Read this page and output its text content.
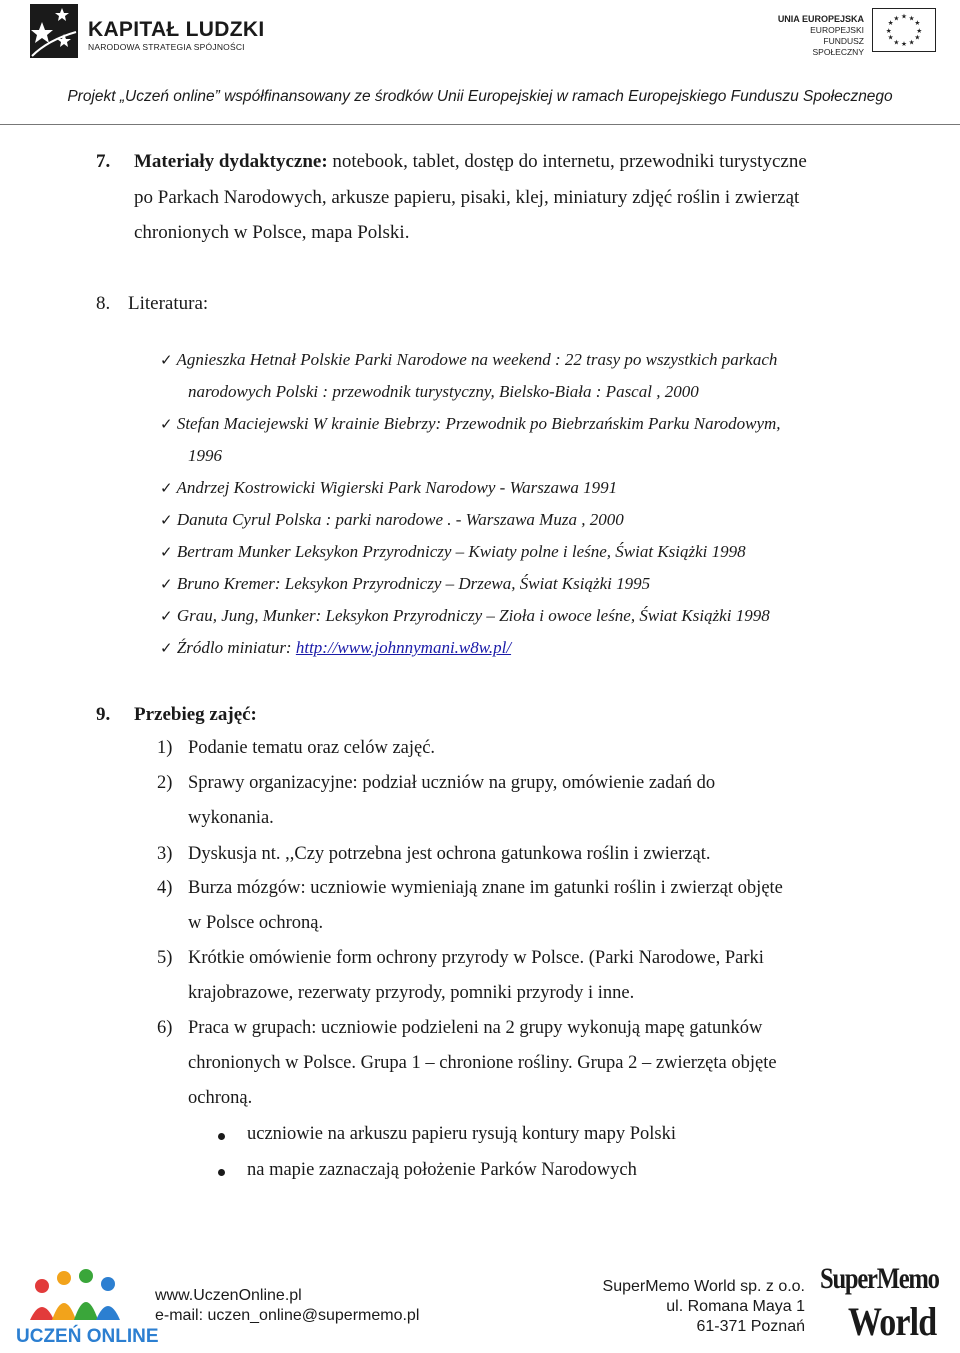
KAPITAŁ LUDZKI
NARODOWA STRATEGIA SPÓJNOŚCI
UNIA EUROPEJSKA
EUROPEJSKI
FUNDUSZ SPOŁECZNY
★ ★
★
★
★
★
★
★
★
★
★
★
Projekt „Uczeń online” współfinansowany ze środków Unii Europejskiej w ramach Europejskiego Funduszu Społecznego
7. Materiały dydaktyczne: notebook, tablet, dostęp do internetu, przewodniki turystyczne
po Parkach Narodowych, arkusze papieru, pisaki, klej, miniatury zdjęć roślin i zwierząt
chronionych w Polsce, mapa Polski.
8. Literatura:
✓ Agnieszka Hetnał Polskie Parki Narodowe na weekend : 22 trasy po wszystkich parkach
narodowych Polski : przewodnik turystyczny, Bielsko-Biała : Pascal , 2000
✓ Stefan Maciejewski W krainie Biebrzy: Przewodnik po Biebrzańskim Parku Narodowym,
1996
✓ Andrzej Kostrowicki Wigierski Park Narodowy - Warszawa 1991
✓ Danuta Cyrul Polska : parki narodowe . - Warszawa Muza , 2000
✓ Bertram Munker Leksykon Przyrodniczy – Kwiaty polne i leśne, Świat Książki 1998
✓ Bruno Kremer: Leksykon Przyrodniczy – Drzewa, Świat Książki 1995
✓ Grau, Jung, Munker: Leksykon Przyrodniczy – Zioła i owoce leśne, Świat Książki 1998
✓ Źródlo miniatur: http://www.johnnymani.w8w.pl/
9. Przebieg zajęć:
1) Podanie tematu oraz celów zajęć.
2) Sprawy organizacyjne: podział uczniów na grupy, omówienie zadań do
wykonania.
3) Dyskusja nt. ,,Czy potrzebna jest ochrona gatunkowa roślin i zwierząt.
4) Burza mózgów: uczniowie wymieniają znane im gatunki roślin i zwierząt objęte
w Polsce ochroną.
5) Krótkie omówienie form ochrony przyrody w Polsce. (Parki Narodowe, Parki
krajobrazowe, rezerwaty przyrody, pomniki przyrody i inne.
6) Praca w grupach: uczniowie podzieleni na 2 grupy wykonują mapę gatunków
chronionych w Polsce. Grupa 1 – chronione rośliny. Grupa 2 – zwierzęta objęte
ochroną.
uczniowie na arkuszu papieru rysują kontury mapy Polski
na mapie zaznaczają położenie Parków Narodowych
UCZEŃ ONLINE
www.UczenOnline.pl
e-mail: uczen_online@supermemo.pl
SuperMemo World sp. z o.o.
ul. Romana Maya 1
61-371 Poznań
SuperMemo
World
